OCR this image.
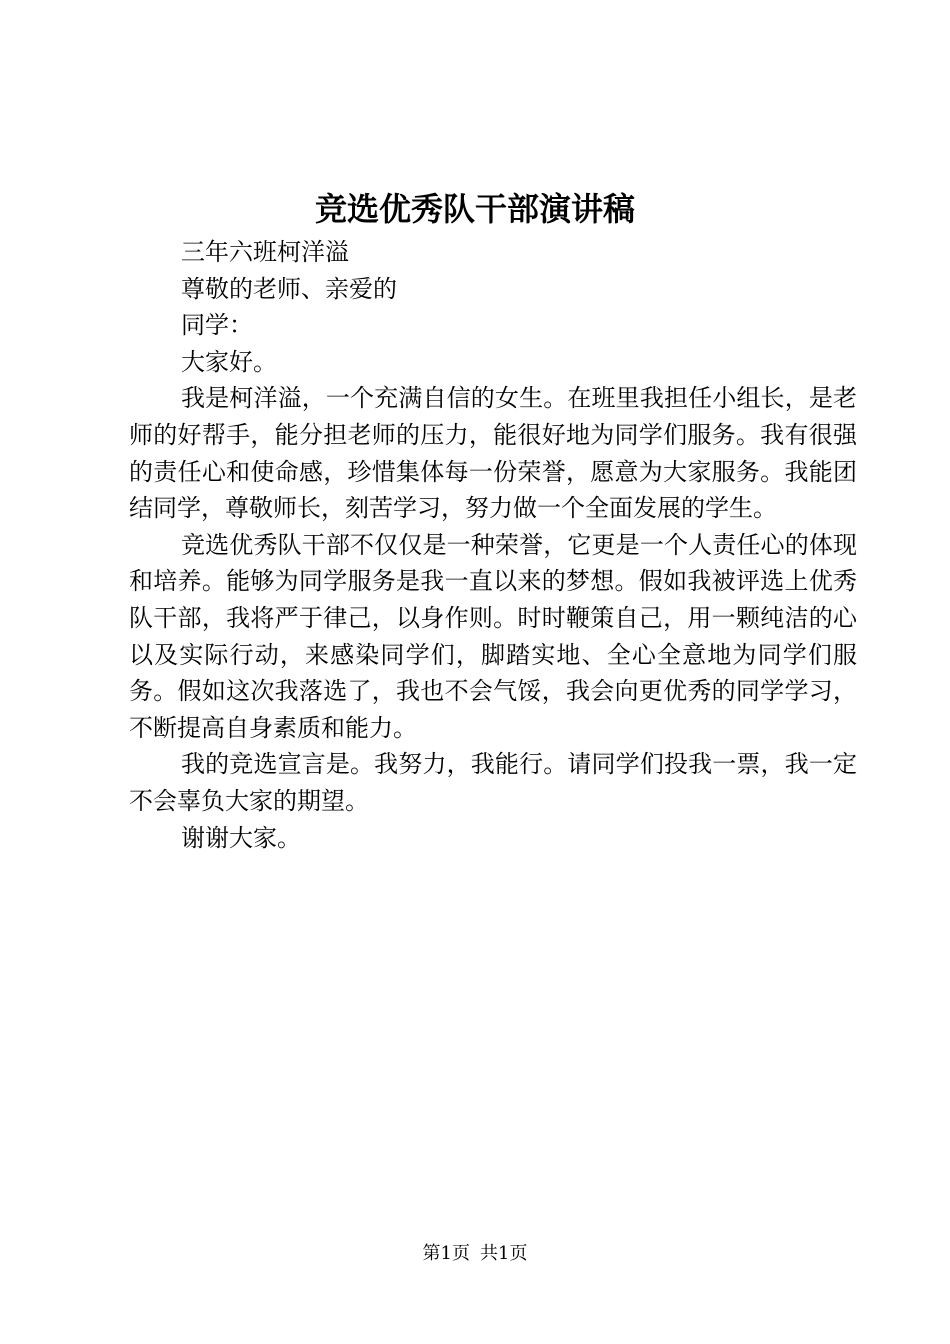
竞选优秀队干部演讲稿

三年六班柯洋溢

尊敬的老师、亲爱的

同学：

大家好。

我是柯洋溢，一个充满自信的女生。在班里我担任小组长，是老师的好帮手，能分担老师的压力，能很好地为同学们服务。我有很强的责任心和使命感，珍惜集体每一份荣誉，愿意为大家服务。我能团结同学，尊敬师长，刻苦学习，努力做一个全面发展的学生。

竞选优秀队干部不仅仅是一种荣誉，它更是一个人责任心的体现和培养。能够为同学服务是我一直以来的梦想。假如我被评选上优秀队干部，我将严于律己，以身作则。时时鞭策自己，用一颗纯洁的心以及实际行动，来感染同学们，脚踏实地、全心全意地为同学们服务。假如这次我落选了，我也不会气馁，我会向更优秀的同学学习，不断提高自身素质和能力。

我的竞选宣言是。我努力，我能行。请同学们投我一票，我一定不会辜负大家的期望。

谢谢大家。

第1页 共1页
